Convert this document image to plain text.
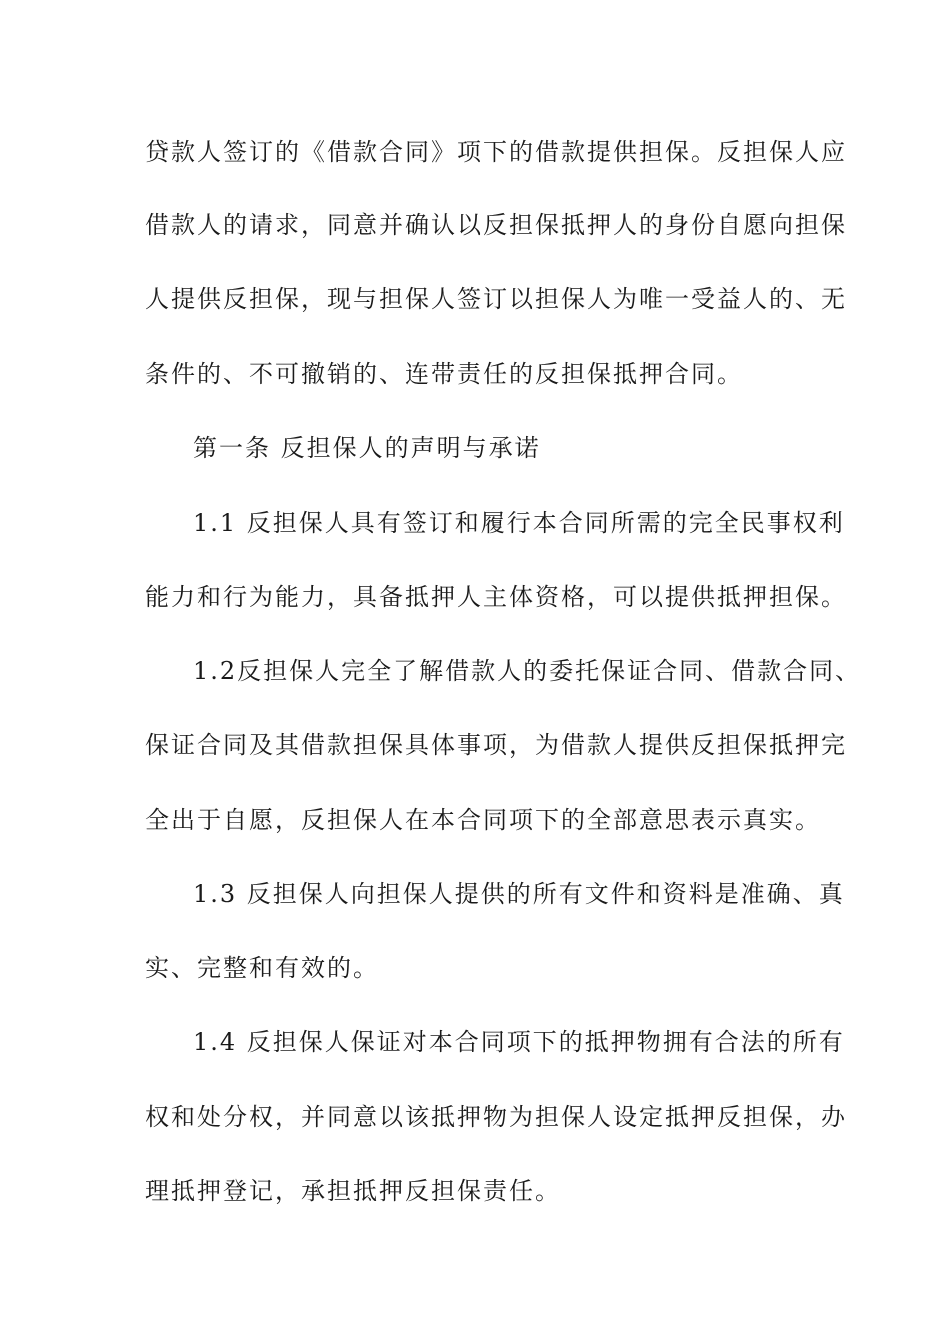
贷款人签订的《借款合同》项下的借款提供担保。反担保人应
借款人的请求，同意并确认以反担保抵押人的身份自愿向担保
人提供反担保，现与担保人签订以担保人为唯一受益人的、无
条件的、不可撤销的、连带责任的反担保抵押合同。
第一条 反担保人的声明与承诺
1.1 反担保人具有签订和履行本合同所需的完全民事权利
能力和行为能力，具备抵押人主体资格，可以提供抵押担保。
1.2反担保人完全了解借款人的委托保证合同、借款合同、
保证合同及其借款担保具体事项，为借款人提供反担保抵押完
全出于自愿，反担保人在本合同项下的全部意思表示真实。
1.3 反担保人向担保人提供的所有文件和资料是准确、真
实、完整和有效的。
1.4 反担保人保证对本合同项下的抵押物拥有合法的所有
权和处分权，并同意以该抵押物为担保人设定抵押反担保，办
理抵押登记，承担抵押反担保责任。
